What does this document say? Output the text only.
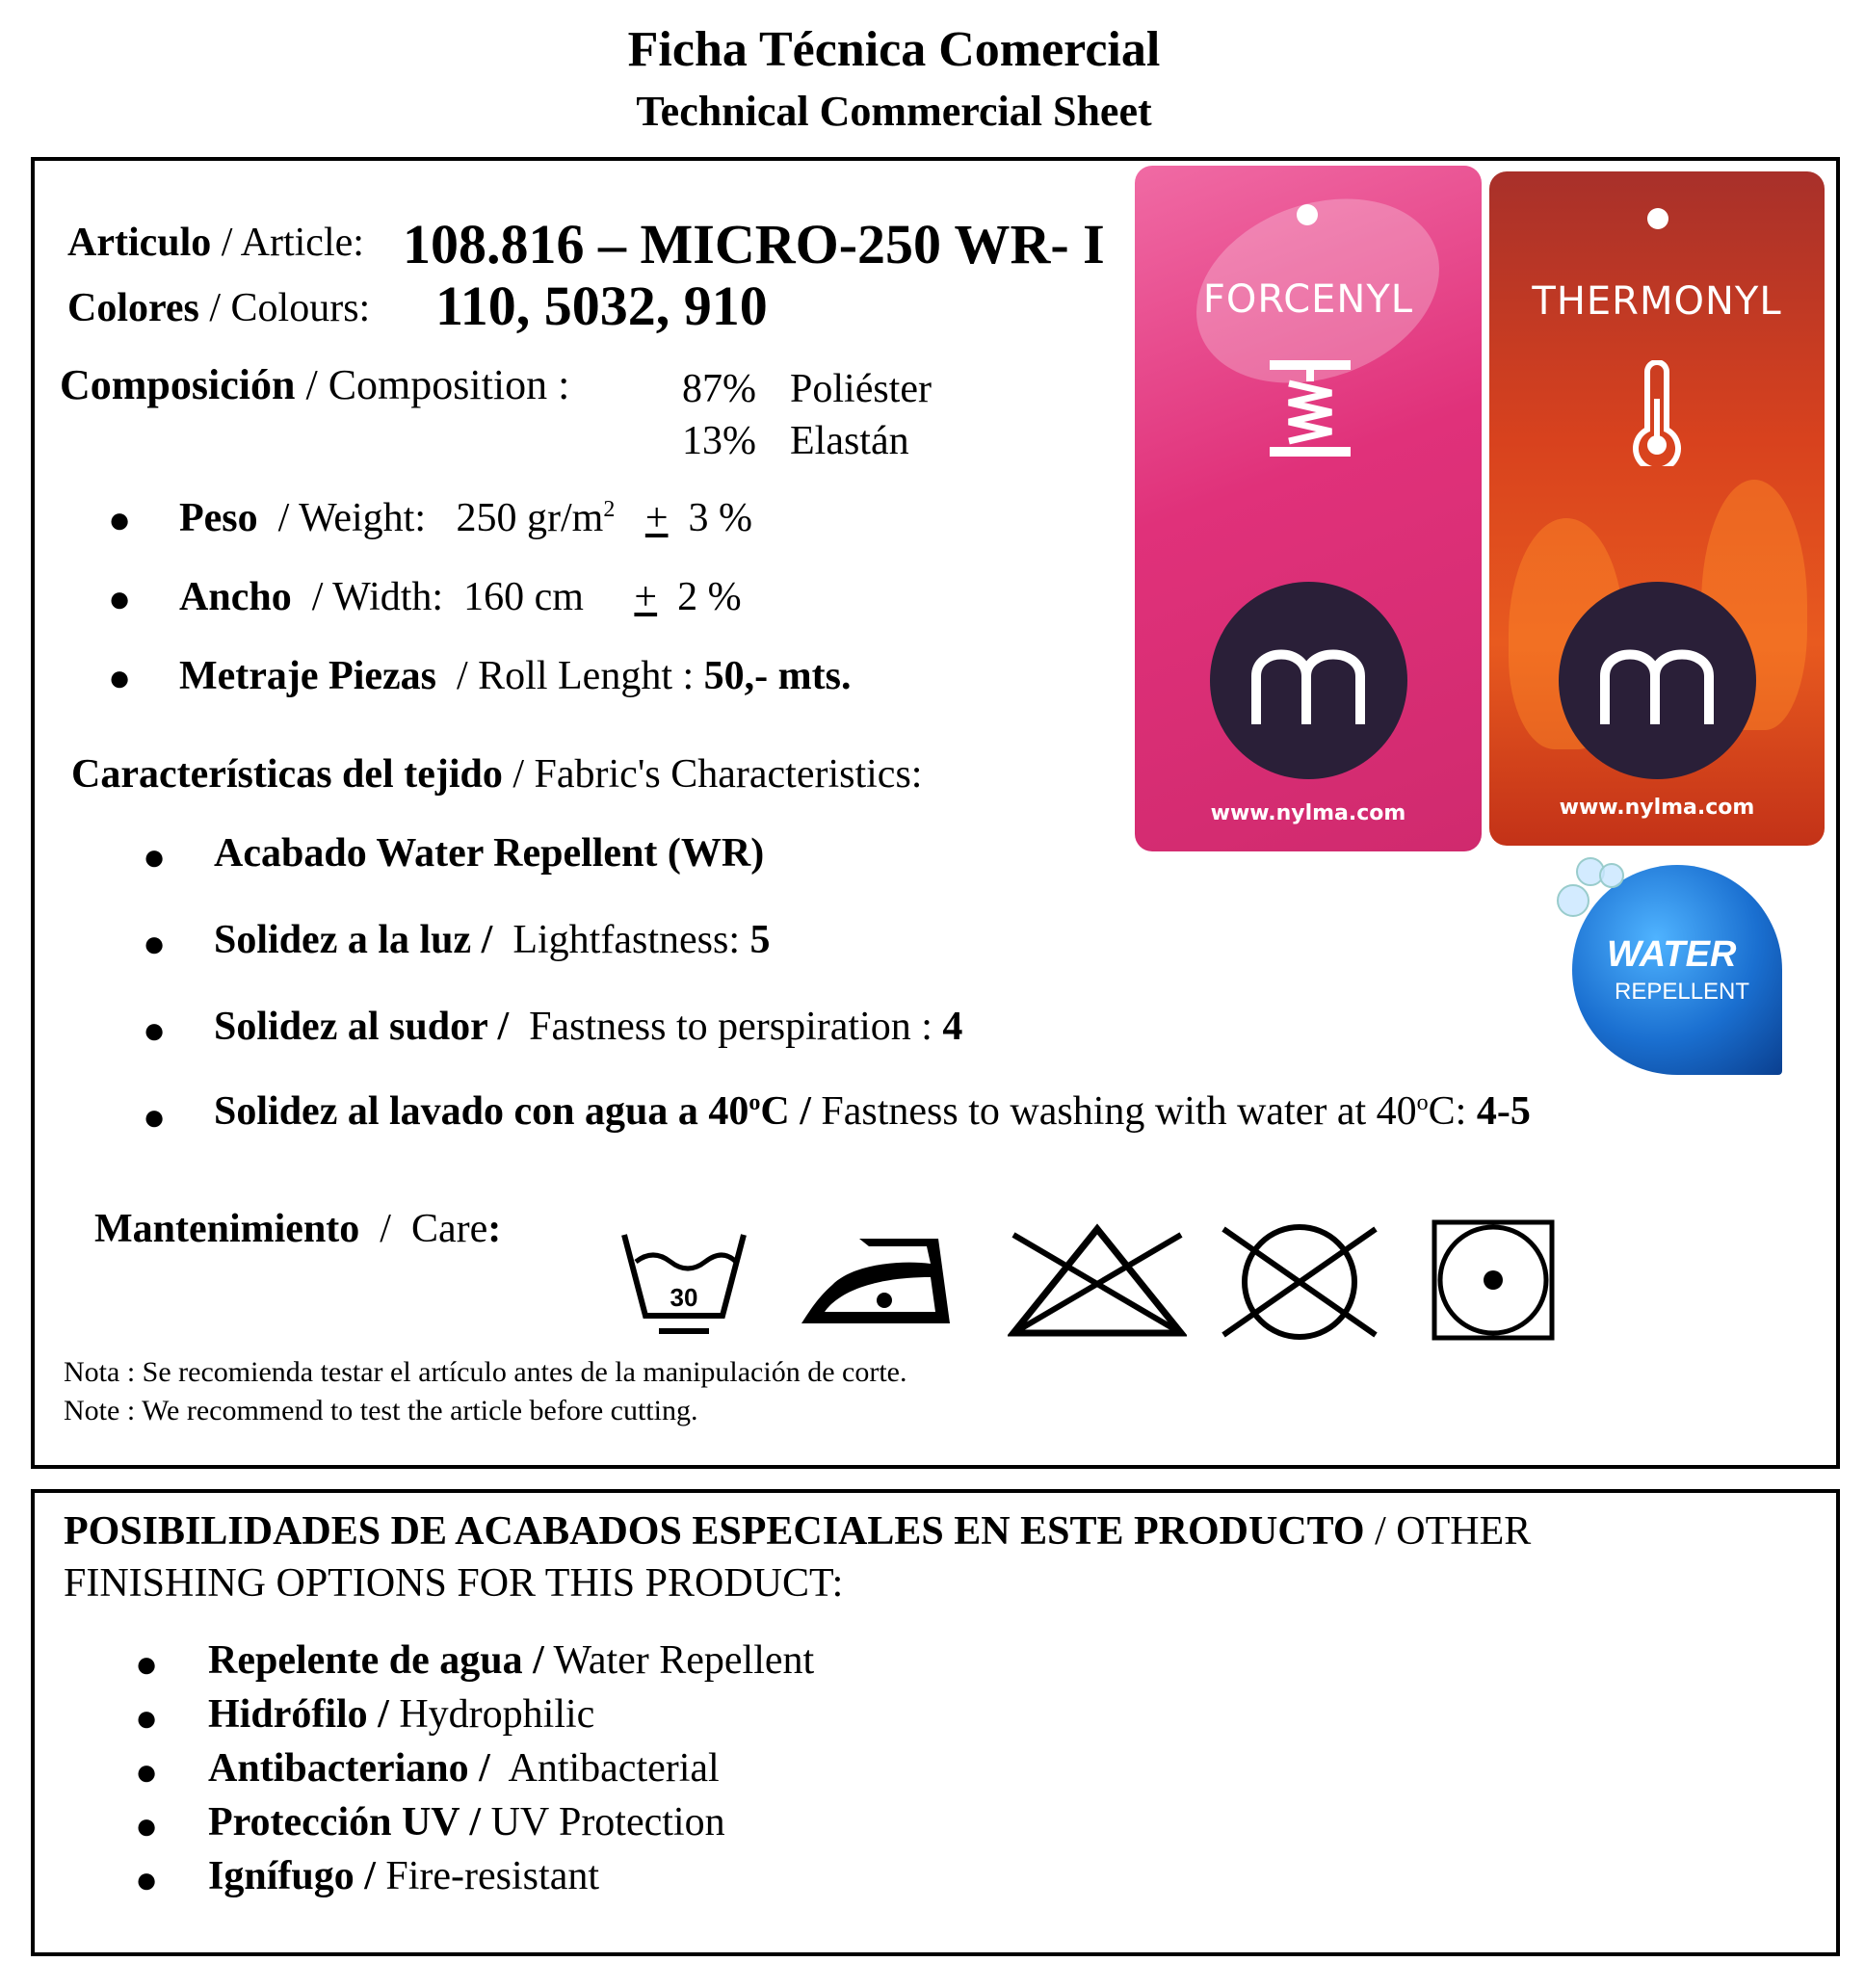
Ficha Técnica Comercial
Technical Commercial Sheet
Articulo / Article: 108.816 – MICRO-250 WR- I
Colores / Colours: 110, 5032, 910
Composición / Composition :	87% Poliéster
13% Elastán
● Peso / Weight: 250 $gr/m^2 + 3$ %
● Ancho / Width: 160 cm + 2 %
● Metraje Piezas / Roll Lenght : 50,- mts.
Características del tejido / Fabric's Characteristics:
● Acabado Water Repellent (WR)
● Solidez a la luz /  Lightfastness: 5
● Solidez al sudor /  Fastness to perspiration : 4
● Solidez al lavado con agua a 40$^o$C / Fastness to washing with water at 40$^o$C: 4-5
Mantenimiento  /  Care:
30
Nota : Se recomienda testar el artículo antes de la manipulación de corte.
Note : We recommend to test the article before cutting.
FORCENYL
www.nylma.com
THERMONYL
www.nylma.com
WATER
REPELLENT
POSIBILIDADES DE ACABADOS ESPECIALES EN ESTE PRODUCTO / OTHER
FINISHING OPTIONS FOR THIS PRODUCT:
● Repelente de agua / Water Repellent
● Hidrófilo / Hydrophilic
● Antibacteriano /  Antibacterial
● Protección UV / UV Protection
● Ignífugo / Fire-resistant
